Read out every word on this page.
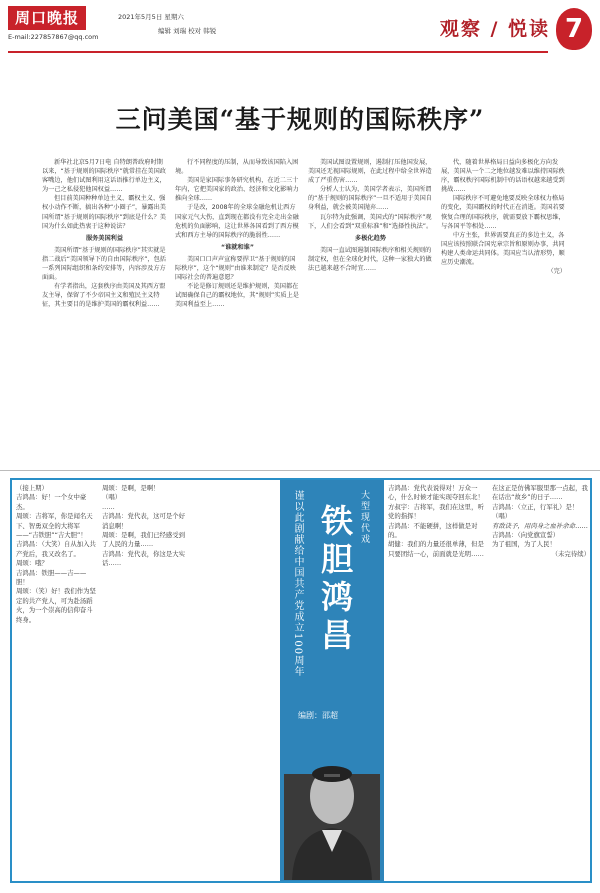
周口晚报
E-mail:227857867@qq.com
2021年5月5日 星期六
编辑 刘瑞 校对 韩锐	观察 / 悦读 7
三问美国“基于规则的国际秩序”

新华社北京5月7日电 自特朗普政府时期以来，“基于规则的国际秩序”就常挂在美国政客嘴边，他们试图利用这话语推行单边主义，为一己之私侵犯他国权益……

但目前美国种种单边主义、霸权主义、强权小动作不断，搞出各种“小圈子”，暴露出美国所谓“基于规则的国际秩序”到底是什么？美国为什么如此热衷于这种说法？

服务美国利益

美国所谓“基于规则的国际秩序”其实就是指二战后“美国领导下的自由国际秩序”，包括一系列国际组织和条约安排等，内容涉及方方面面。

有学者指出，这套秩序由美国及其西方盟友主导，保留了不少帝国主义和殖民主义特征，其主要目的是维护美国的霸权利益……

行不同程度的压制，从而导致该国陷入困境。

美国是家国际事务研究机构，在近二三十年内，它把美国家的政治、经济和文化影响力推向全球……

于是改，2008年的全球金融危机让西方国家元气大伤，直到现在都没有完全走出金融危机的负面影响，这让世界各国看到了西方模式和西方主导的国际秩序的脆弱性……

“谁就和谁”

美国口口声声宣称要捍卫“基于规则的国际秩序”，这个“规则”由谁来制定？是否反映国际社会的普遍意愿？

不论是修订规则还是维护规则，美国都在试图确保自己的霸权地位，其“规则”实质上是美国利益至上……

美国试图设置规则，遏制打压他国发展，美国还无视国际规则，在此过程中给全世界造成了严重伤害……

分析人士认为，美国学者表示，美国所谓的“基于规则的国际秩序”一旦不适用于美国自身利益，就会被美国抛弃……

瓦尔特为此强调，美国式的“国际秩序”观下，人们会看到“双重标准”和“选择性执法”。

多极化趋势

美国一直试图遏制国际秩序和相关规则的制定权，但在全球化时代，这种一家独大的做法已越来越不合时宜……

代，随着世界格局日益向多极化方向发展，美国从一个二之地位越发难以维持国际秩序，霸权秩序国际机制中的话语权越来越受到挑战……

国际秩序不可避免地要反映全球权力格局的变化，美国霸权的时代正在消逝。美国若要恢复合理的国际秩序，就需要放下霸权思维，与各国平等相处……

中方主张，世界需要真正的多边主义，各国应该按照联合国宪章宗旨和原则办事，共同构建人类命运共同体。美国应当认清形势，顺应历史潮流。

（完）

（接上期）

吉鸿昌：好！一个女中豪杰。

周颂：吉将军，你是闻名天下、智勇双全的大将军——“吉铁胆”“吉大胆”！

吉鸿昌：（大笑）自从加入共产党后，我又改名了。

周颂：哦？

吉鸿昌：铁胆——吉——胆！

周颂：（笑）好！我们作为坚定的共产党人，可为赴汤蹈火，为一个崇高的信仰奋斗终身。

周颂：是啊，是啊！

（唱）

……

吉鸿昌：党代表，这可是个好消息啊！

周颂：是啊，我们已经感受到了人民的力量……

吉鸿昌：党代表，你这是大实话……	谨以此剧献给中国共产党成立100周年 铁胆鸿昌 大型现代戏
编剧：邵超

吉鸿昌：党代表说得对！万众一心，什么时候才能实现夺回东北！

方叔宇：吉将军，我们在这里，听党的指挥！

吉鸿昌：不能硬拼，这样做是对的。

胡健：我们的力量还很单薄，但是只要团结一心，前面就是光明……

在这正是仿佛军服里那一点起，我在话出“故乡”的日子……

吉鸿昌：（立正，行军礼）是！

（唱）

有敌诀予，用肉身之血补余命……

吉鸿昌：（向党旗宣誓）

为了祖国，为了人民！

（未完待续）
